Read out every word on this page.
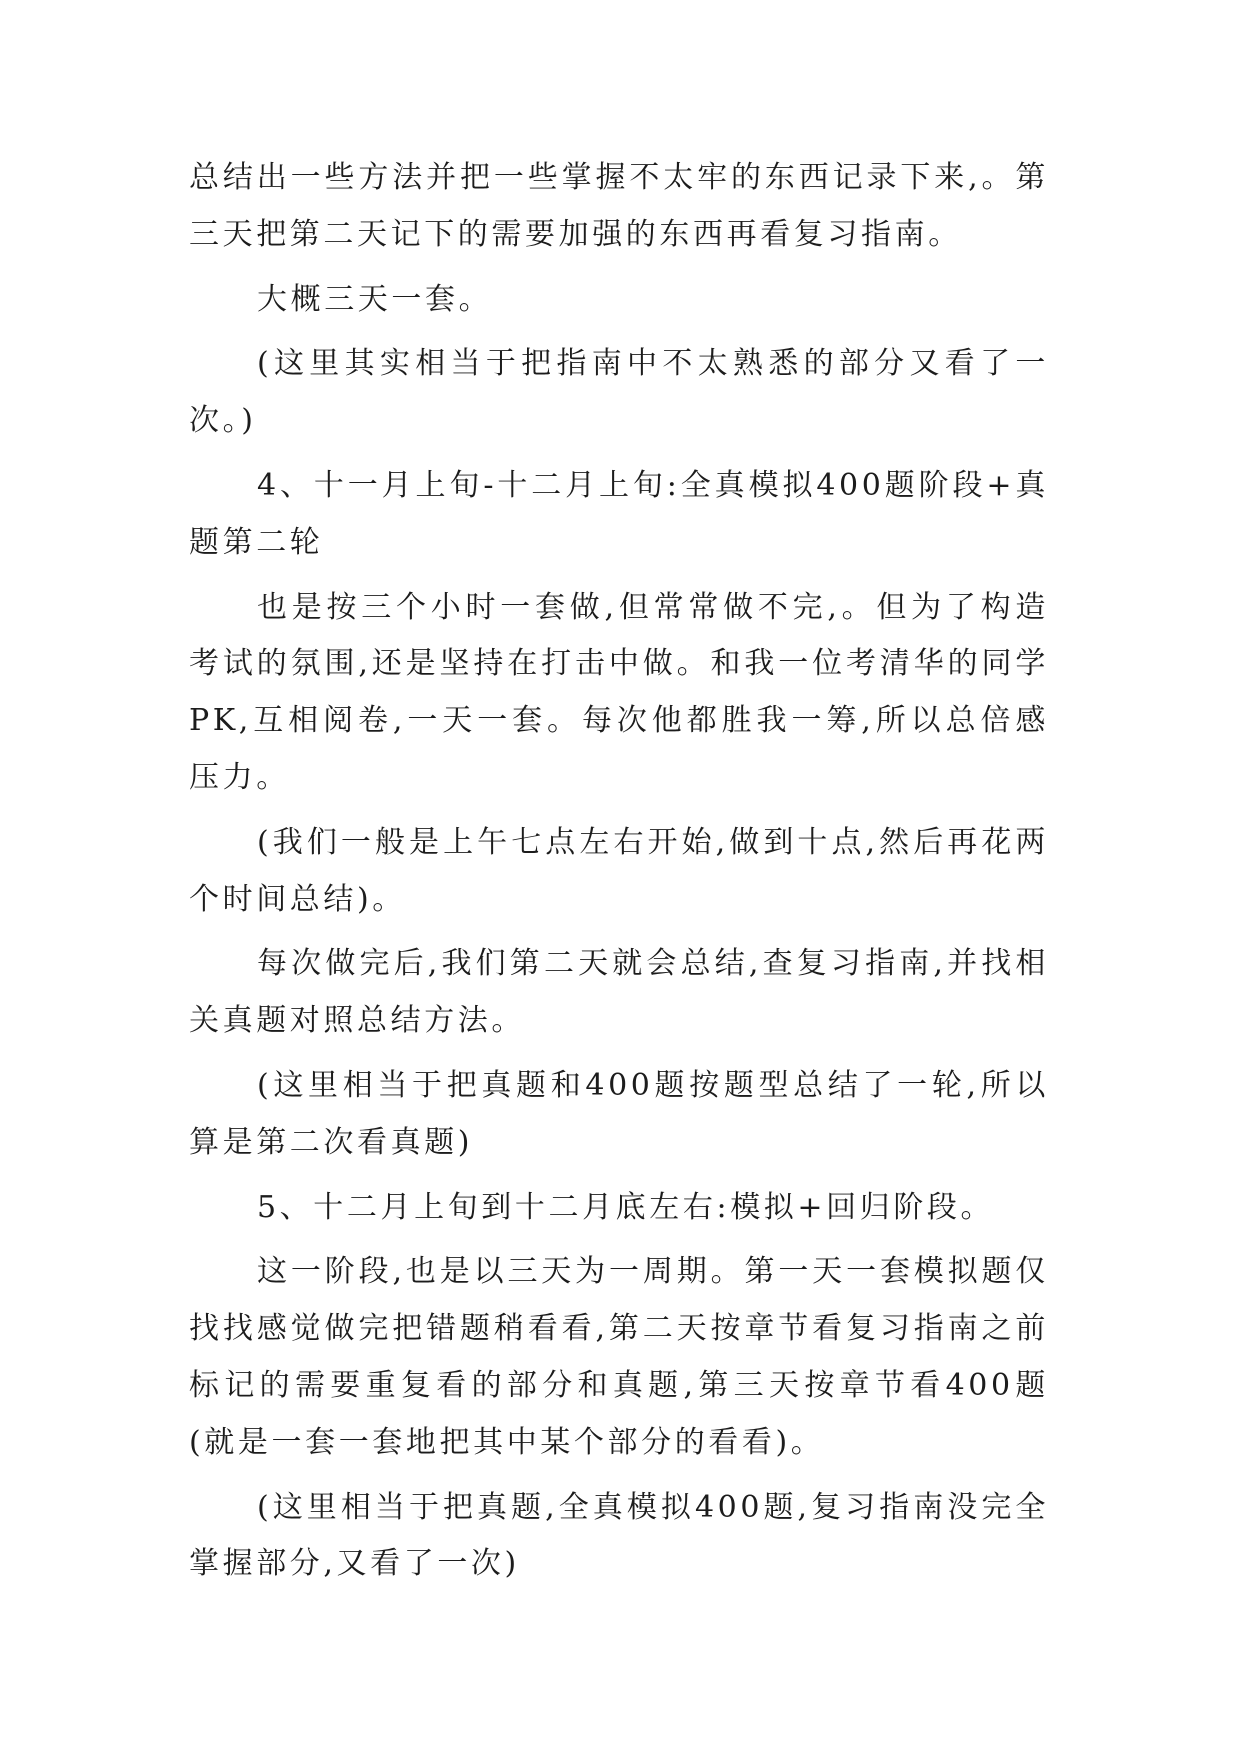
总结出一些方法并把一些掌握不太牢的东西记录下来,。第三天把第二天记下的需要加强的东西再看复习指南。

大概三天一套。

(这里其实相当于把指南中不太熟悉的部分又看了一次。)

4、十一月上旬-十二月上旬:全真模拟400题阶段+真题第二轮

也是按三个小时一套做,但常常做不完,。但为了构造考试的氛围,还是坚持在打击中做。和我一位考清华的同学PK,互相阅卷,一天一套。每次他都胜我一筹,所以总倍感压力。

(我们一般是上午七点左右开始,做到十点,然后再花两个时间总结)。

每次做完后,我们第二天就会总结,查复习指南,并找相关真题对照总结方法。

(这里相当于把真题和400题按题型总结了一轮,所以算是第二次看真题)

5、十二月上旬到十二月底左右:模拟+回归阶段。

这一阶段,也是以三天为一周期。第一天一套模拟题仅找找感觉做完把错题稍看看,第二天按章节看复习指南之前标记的需要重复看的部分和真题,第三天按章节看400题(就是一套一套地把其中某个部分的看看)。

(这里相当于把真题,全真模拟400题,复习指南没完全掌握部分,又看了一次)
